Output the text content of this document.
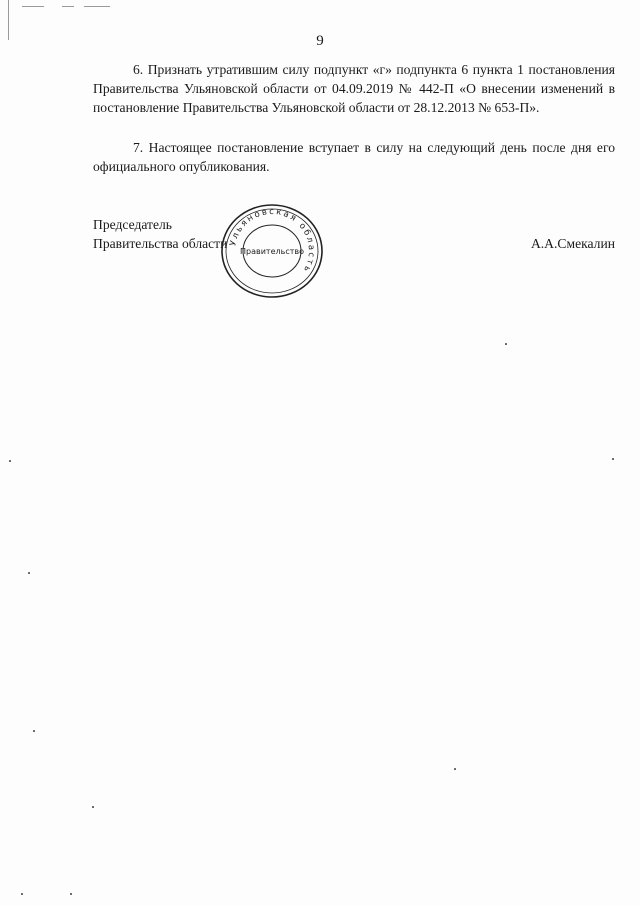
9

6. Признать утратившим силу подпункт «г» подпункта 6 пункта 1 постановления Правительства Ульяновской области от 04.09.2019 № 442-П «О внесении изменений в постановление Правительства Ульяновской области от 28.12.2013 № 653-П».

7. Настоящее постановление вступает в силу на следующий день после дня его официального опубликования.

Председатель
Правительства области	А.А.Смекалин
Ульяновская область
Правительство
